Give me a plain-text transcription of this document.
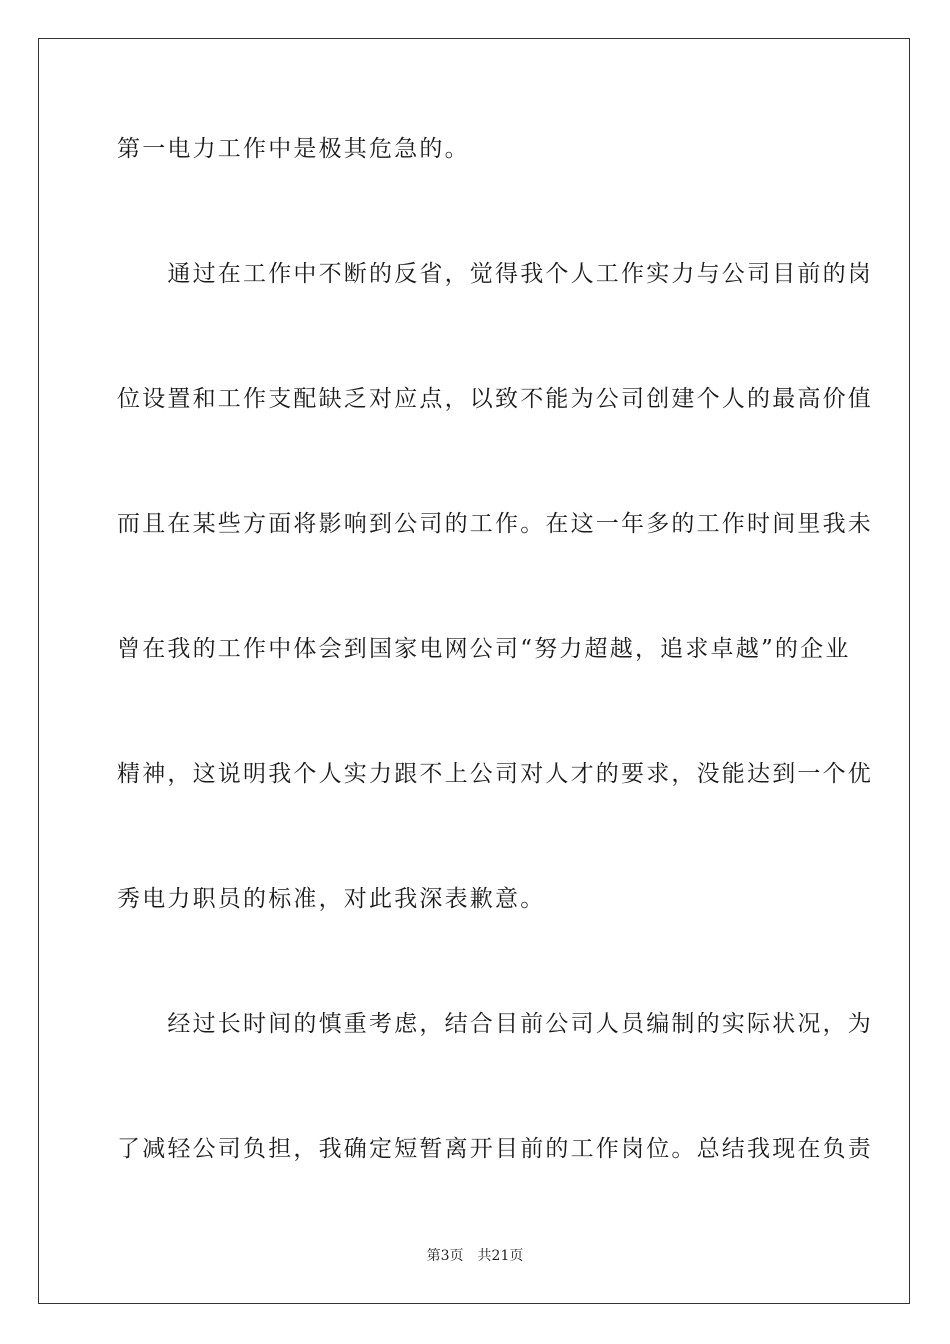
第一电力工作中是极其危急的。
　　通过在工作中不断的反省，觉得我个人工作实力与公司目前的岗
位设置和工作支配缺乏对应点，以致不能为公司创建个人的最高价值
而且在某些方面将影响到公司的工作。在这一年多的工作时间里我未
曾在我的工作中体会到国家电网公司“努力超越，追求卓越”的企业
精神，这说明我个人实力跟不上公司对人才的要求，没能达到一个优
秀电力职员的标准，对此我深表歉意。
　　经过长时间的慎重考虑，结合目前公司人员编制的实际状况，为
了减轻公司负担，我确定短暂离开目前的工作岗位。总结我现在负责
第3页 共21页
